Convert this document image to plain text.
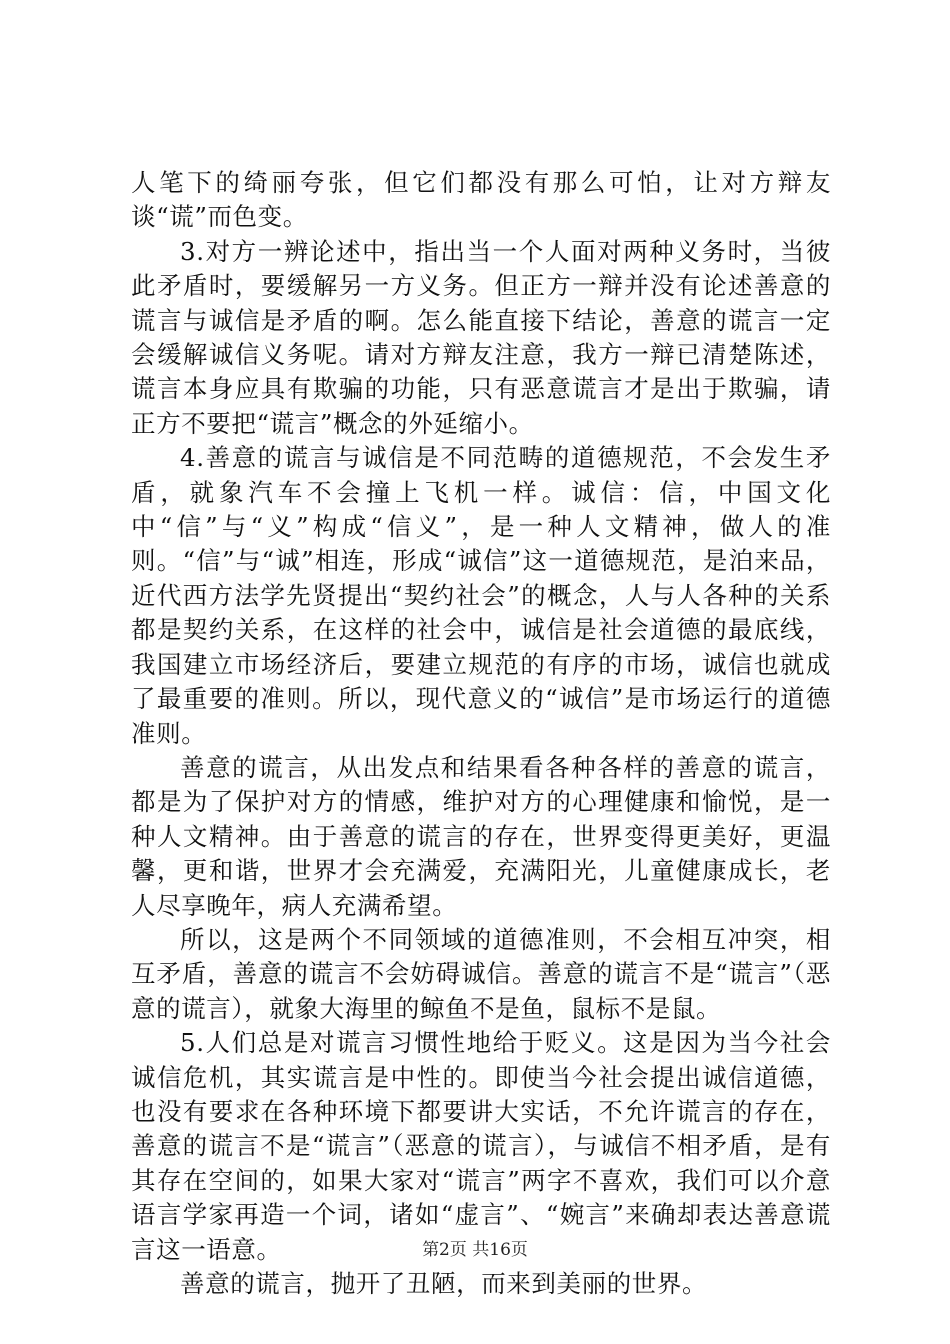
人笔下的绮丽夸张，但它们都没有那么可怕，让对方辩友谈“谎”而色变。

3.对方一辨论述中，指出当一个人面对两种义务时，当彼此矛盾时，要缓解另一方义务。但正方一辩并没有论述善意的谎言与诚信是矛盾的啊。怎么能直接下结论，善意的谎言一定会缓解诚信义务呢。请对方辩友注意，我方一辩已清楚陈述，谎言本身应具有欺骗的功能，只有恶意谎言才是出于欺骗，请正方不要把“谎言”概念的外延缩小。

4.善意的谎言与诚信是不同范畴的道德规范，不会发生矛盾，就象汽车不会撞上飞机一样。诚信：信，中国文化中“信”与“义”构成“信义”，是一种人文精神，做人的准则。“信”与“诚”相连，形成“诚信”这一道德规范，是泊来品，近代西方法学先贤提出“契约社会”的概念，人与人各种的关系都是契约关系，在这样的社会中，诚信是社会道德的最底线，我国建立市场经济后，要建立规范的有序的市场，诚信也就成了最重要的准则。所以，现代意义的“诚信”是市场运行的道德准则。

善意的谎言，从出发点和结果看各种各样的善意的谎言，都是为了保护对方的情感，维护对方的心理健康和愉悦，是一种人文精神。由于善意的谎言的存在，世界变得更美好，更温馨，更和谐，世界才会充满爱，充满阳光，儿童健康成长，老人尽享晚年，病人充满希望。

所以，这是两个不同领域的道德准则，不会相互冲突，相互矛盾，善意的谎言不会妨碍诚信。善意的谎言不是“谎言”（恶意的谎言），就象大海里的鲸鱼不是鱼，鼠标不是鼠。

5.人们总是对谎言习惯性地给于贬义。这是因为当今社会诚信危机，其实谎言是中性的。即使当今社会提出诚信道德，也没有要求在各种环境下都要讲大实话，不允许谎言的存在，善意的谎言不是“谎言”（恶意的谎言），与诚信不相矛盾，是有其存在空间的，如果大家对“谎言”两字不喜欢，我们可以介意语言学家再造一个词，诸如“虚言”、“婉言”来确却表达善意谎言这一语意。

善意的谎言，抛开了丑陋，而来到美丽的世界。

第2页 共16页
